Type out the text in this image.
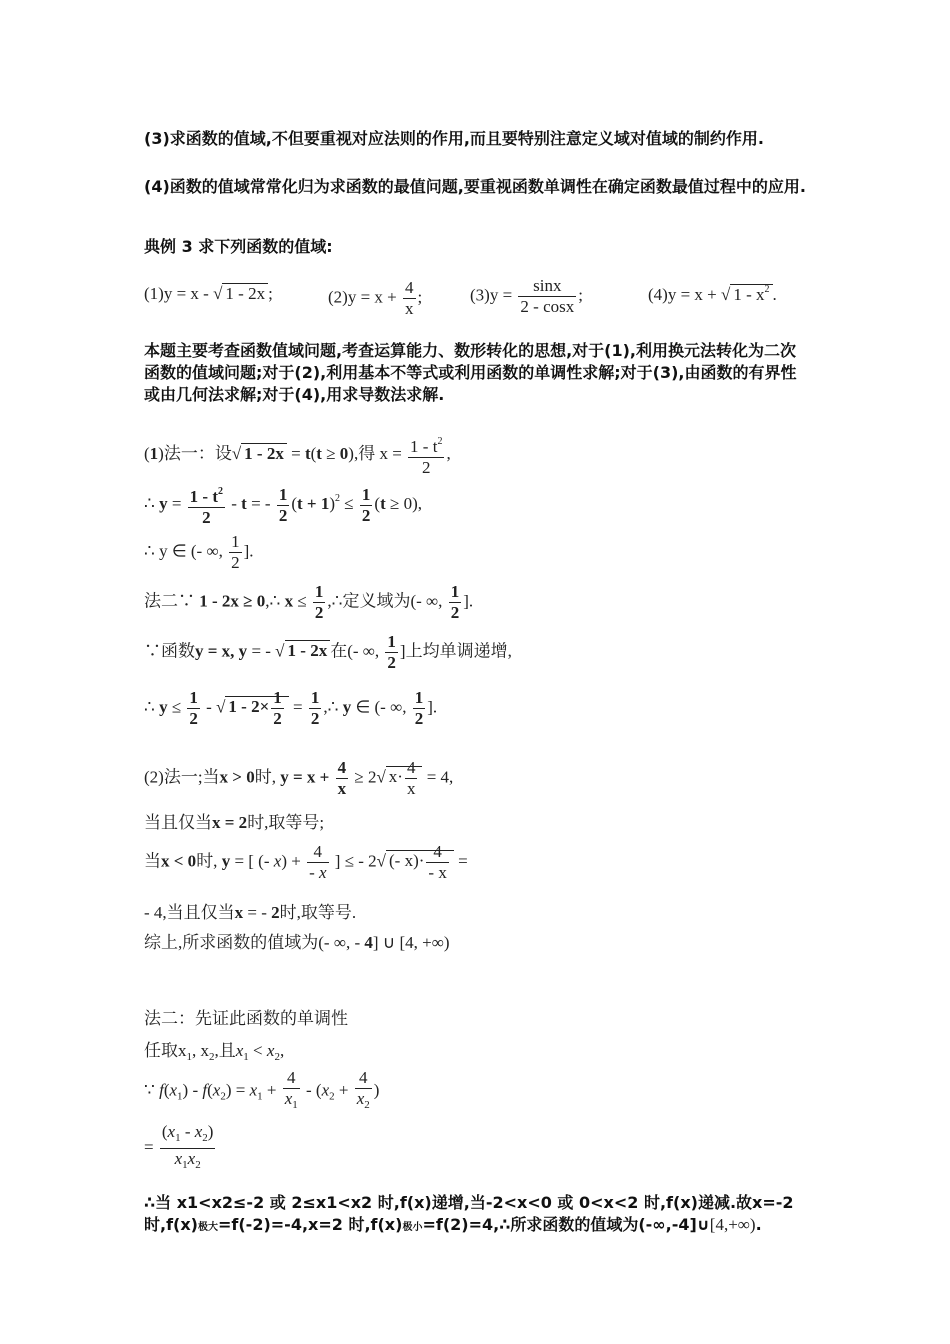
(3)求函数的值域,不但要重视对应法则的作用,而且要特别注意定义域对值域的制约作用.
(4)函数的值域常常化归为求函数的最值问题,要重视函数单调性在确定函数最值过程中的应用.
典例 3 求下列函数的值域:
(1)y = x - √ 1 - 2x ;	$(2)y = x + \frac{4}{x}$ ;	$(3)y = \frac{\sin x}{2 - \cos x}$ ;	(4)y = x + √ $1 - x^2$ .
本题主要考查函数值域问题,考查运算能力、数形转化的思想,对于(1),利用换元法转化为二次函数的值域问题;对于(2),利用基本不等式或利用函数的单调性求解;对于(3),由函数的有界性或由几何法求解;对于(4),用求导数法求解.
(1)法一：设√ 1 - 2x = t(t ≥ 0),得 $x = \frac{1 - t^2}{2}$ ,
∴ $y = \frac{1 - t^2}{2} - t$ = - $\frac{1}{2} (t + 1)^2 \le \frac{1}{2} (t \ge 0)$,
∴ y ∈ (- ∞, $\frac{1}{2}$ ].
法二∵ 1 - 2x ≥ 0,∴ $x \le \frac{1}{2}$ ,∴定义域为(- ∞, $\frac{1}{2}$ ].
∵函数y = x, y = - √ 1 - 2x 在(- ∞, $\frac{1}{2}$ ]上均单调递增,
∴ $y \le \frac{1}{2}$ - √ $1 - 2\times \frac{1}{2} = \frac{1}{2}$ ,∴ y ∈ (- ∞, $\frac{1}{2}$ ].
(2)法一;当x > 0时, $y = x + \frac{4}{x} \ge 2√$ $x\cdot \frac{4}{x} = 4$,
当且仅当x = 2时,取等号;
当x < 0时, y = [ (- $x) + \frac{4}{- x}$ ] ≤ - 2√ (- $x)\cdot \frac{4}{- x}$ =
- 4,当且仅当x = - 2时,取等号.
综上,所求函数的值域为(- ∞, - 4] ∪ [4, +∞)
法二：先证此函数的单调性
任取$x_1$, $x_2$,且$x_1 < x_2$,
∵ $f(x_1) - f(x_2) = x_1 + \frac{4}{x_1} - (x_2 + \frac{4}{x_2}$ )
= $\frac{(x_1 - x_2)}{x_1x_2}$
∴当 x1<x2≤-2 或 2≤x1<x2 时,f(x)递增,当-2<x<0 或 0<x<2 时,f(x)递减.故x=-2 时,f(x)极大=f(-2)=-4,x=2 时,f(x)极小=f(2)=4,∴所求函数的值域为(-∞,-4]∪[4,+∞).
